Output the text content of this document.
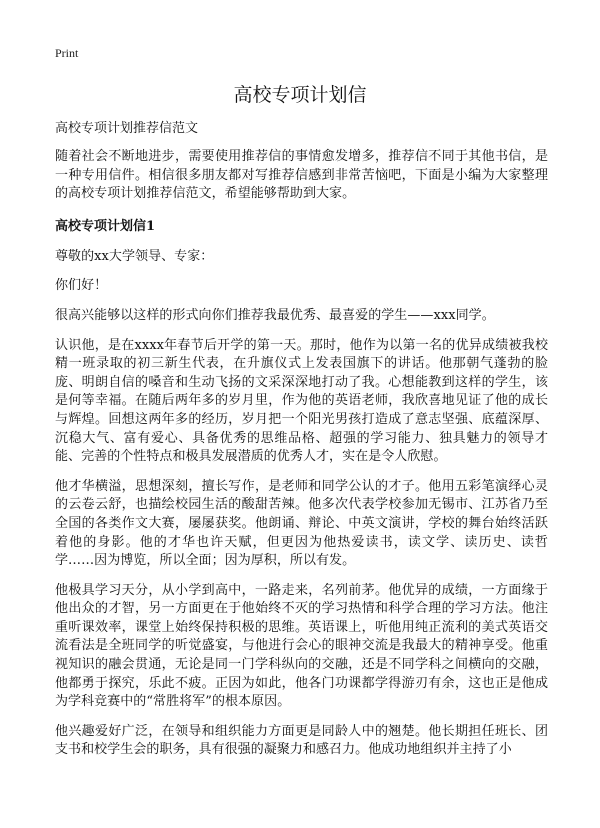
Print
高校专项计划信

高校专项计划推荐信范文

随着社会不断地进步，需要使用推荐信的事情愈发增多，推荐信不同于其他书信，是一种专用信件。相信很多朋友都对写推荐信感到非常苦恼吧，下面是小编为大家整理的高校专项计划推荐信范文，希望能够帮助到大家。

高校专项计划信1

尊敬的xx大学领导、专家：

你们好！

很高兴能够以这样的形式向你们推荐我最优秀、最喜爱的学生——xxx同学。

认识他，是在xxxx年春节后开学的第一天。那时，他作为以第一名的优异成绩被我校精一班录取的初三新生代表，在升旗仪式上发表国旗下的讲话。他那朝气蓬勃的脸庞、明朗自信的嗓音和生动飞扬的文采深深地打动了我。心想能教到这样的学生，该是何等幸福。在随后两年多的岁月里，作为他的英语老师，我欣喜地见证了他的成长与辉煌。回想这两年多的经历，岁月把一个阳光男孩打造成了意志坚强、底蕴深厚、沉稳大气、富有爱心、具备优秀的思维品格、超强的学习能力、独具魅力的领导才能、完善的个性特点和极具发展潜质的优秀人才，实在是令人欣慰。

他才华横溢，思想深刻，擅长写作，是老师和同学公认的才子。他用五彩笔演绎心灵的云卷云舒，也描绘校园生活的酸甜苦辣。他多次代表学校参加无锡市、江苏省乃至全国的各类作文大赛，屡屡获奖。他朗诵、辩论、中英文演讲，学校的舞台始终活跃着他的身影。他的才华也许天赋，但更因为他热爱读书，读文学、读历史、读哲学……因为博览，所以全面；因为厚积，所以有发。

他极具学习天分，从小学到高中，一路走来，名列前茅。他优异的成绩，一方面缘于他出众的才智，另一方面更在于他始终不灭的学习热情和科学合理的学习方法。他注重听课效率，课堂上始终保持积极的思维。英语课上，听他用纯正流利的美式英语交流看法是全班同学的听觉盛宴，与他进行会心的眼神交流是我最大的精神享受。他重视知识的融会贯通，无论是同一门学科纵向的交融，还是不同学科之间横向的交融，他都勇于探究，乐此不疲。正因为如此，他各门功课都学得游刃有余，这也正是他成为学科竞赛中的“常胜将军”的根本原因。

他兴趣爱好广泛，在领导和组织能力方面更是同龄人中的翘楚。他长期担任班长、团支书和校学生会的职务，具有很强的凝聚力和感召力。他成功地组织并主持了小
